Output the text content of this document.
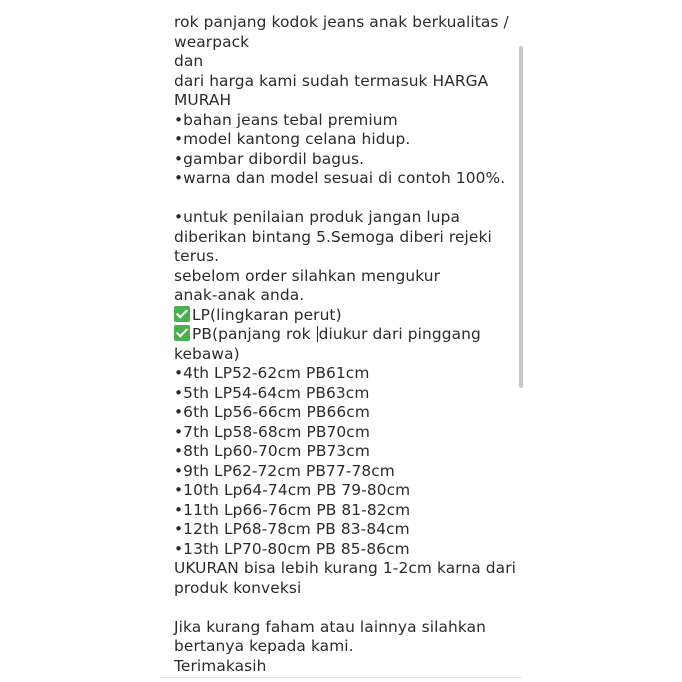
rok panjang kodok jeans anak berkualitas /
wearpack
dan
dari harga kami sudah termasuk HARGA
MURAH
•bahan jeans tebal premium
•model kantong celana hidup.
•gambar dibordil bagus.
•warna dan model sesuai di contoh 100%.
•untuk penilaian produk jangan lupa
diberikan bintang 5.Semoga diberi rejeki
terus.
sebelom order silahkan mengukur
anak-anak anda.
LP(lingkaran perut)
PB(panjang rok diukur dari pinggang
kebawa)
•4th LP52-62cm PB61cm
•5th LP54-64cm PB63cm
•6th Lp56-66cm PB66cm
•7th Lp58-68cm PB70cm
•8th Lp60-70cm PB73cm
•9th LP62-72cm PB77-78cm
•10th Lp64-74cm PB 79-80cm
•11th Lp66-76cm PB 81-82cm
•12th LP68-78cm PB 83-84cm
•13th LP70-80cm PB 85-86cm
UKURAN bisa lebih kurang 1-2cm karna dari
produk konveksi
Jika kurang faham atau lainnya silahkan
bertanya kepada kami.
Terimakasih
